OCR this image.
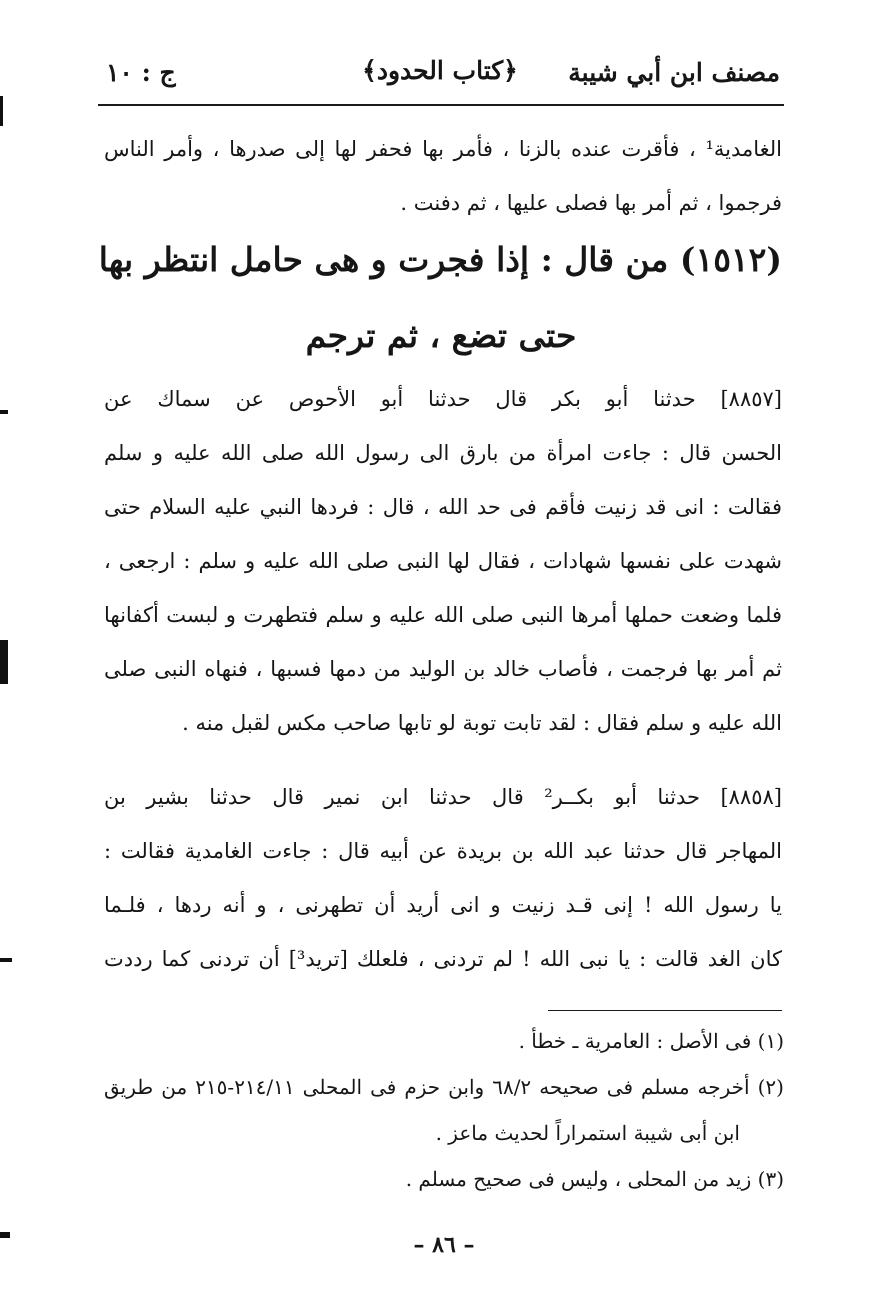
مصنف ابن أبي شيبة
﴿كتاب الحدود﴾
ج : ١٠
الغامدية¹ ، فأقرت عنده بالزنا ، فأمر بها فحفر لها إلى صدرها ، وأمر الناس
فرجموا ، ثم أمر بها فصلى عليها ، ثم دفنت .
(١٥١٢) من قال : إذا فجرت و هى حامل انتظر بها
حتى تضع ، ثم ترجم
[٨٨٥٧] حدثنا أبو بكر قال حدثنا أبو الأحوص عن سماك عن
الحسن قال : جاءت امرأة من بارق الى رسول الله صلى الله عليه و سلم
فقالت : انى قد زنيت فأقم فى حد الله ، قال : فردها النبي عليه السلام حتى
شهدت على نفسها شهادات ، فقال لها النبى صلى الله عليه و سلم : ارجعى ،
فلما وضعت حملها أمرها النبى صلى الله عليه و سلم فتطهرت و لبست أكفانها
ثم أمر بها فرجمت ، فأصاب خالد بن الوليد من دمها فسبها ، فنهاه النبى صلى
الله عليه و سلم فقال : لقد تابت توبة لو تابها صاحب مكس لقبل منه .
[٨٨٥٨] حدثنا أبو بكــر² قال حدثنا ابن نمير قال حدثنا بشير بن
المهاجر قال حدثنا عبد الله بن بريدة عن أبيه قال : جاءت الغامدية فقالت :
يا رسول الله ! إنى قـد زنيت و انى أريد أن تطهرنى ، و أنه ردها ، فلـما
كان الغد قالت : يا نبى الله ! لم تردنى ، فلعلك [تريد³] أن تردنى كما رددت
(١) فى الأصل : العامرية ـ خطأ .
(٢) أخرجه مسلم فى صحيحه ٦٨/٢ وابن حزم فى المحلى ٢١٤/١١-٢١٥ من طريق
ابن أبى شيبة استمراراً لحديث ماعز .
(٣) زيد من المحلى ، وليس فى صحيح مسلم .
– ٨٦ –
